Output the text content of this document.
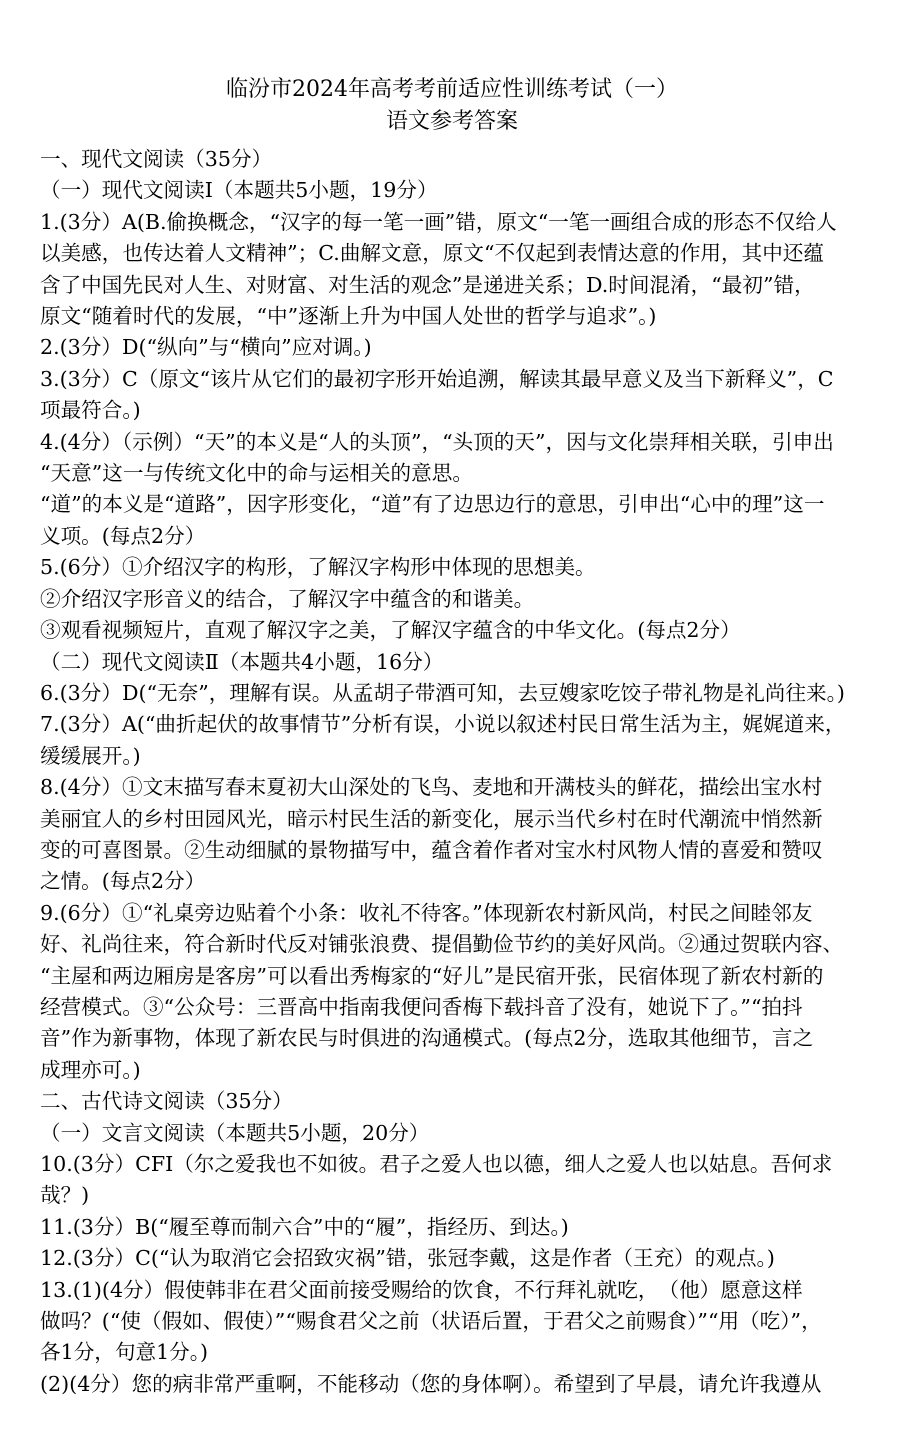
临汾市2024年高考考前适应性训练考试（一）
语文参考答案
一、现代文阅读（35分）
（一）现代文阅读Ⅰ（本题共5小题，19分）
1.(3分）A(B.偷换概念，“汉字的每一笔一画”错，原文“一笔一画组合成的形态不仅给人
以美感，也传达着人文精神”；C.曲解文意，原文“不仅起到表情达意的作用，其中还蕴
含了中国先民对人生、对财富、对生活的观念”是递进关系；D.时间混淆，“最初”错，
原文“随着时代的发展，“中”逐渐上升为中国人处世的哲学与追求”。)
2.(3分）D(“纵向”与“横向”应对调。)
3.(3分）C（原文“该片从它们的最初字形开始追溯，解读其最早意义及当下新释义”，C
项最符合。)
4.(4分）（示例）“天”的本义是“人的头顶”，“头顶的天”，因与文化崇拜相关联，引申出
“天意”这一与传统文化中的命与运相关的意思。
“道”的本义是“道路”，因字形变化，“道”有了边思边行的意思，引申出“心中的理”这一
义项。(每点2分）
5.(6分）①介绍汉字的构形，了解汉字构形中体现的思想美。
②介绍汉字形音义的结合，了解汉字中蕴含的和谐美。
③观看视频短片，直观了解汉字之美，了解汉字蕴含的中华文化。(每点2分）
（二）现代文阅读Ⅱ（本题共4小题，16分）
6.(3分）D(“无奈”，理解有误。从孟胡子带酒可知，去豆嫂家吃饺子带礼物是礼尚往来。)
7.(3分）A(“曲折起伏的故事情节”分析有误，小说以叙述村民日常生活为主，娓娓道来，
缓缓展开。)
8.(4分）①文末描写春末夏初大山深处的飞鸟、麦地和开满枝头的鲜花，描绘出宝水村
美丽宜人的乡村田园风光，暗示村民生活的新变化，展示当代乡村在时代潮流中悄然新
变的可喜图景。②生动细腻的景物描写中，蕴含着作者对宝水村风物人情的喜爱和赞叹
之情。(每点2分）
9.(6分）①“礼桌旁边贴着个小条：收礼不待客。”体现新农村新风尚，村民之间睦邻友
好、礼尚往来，符合新时代反对铺张浪费、提倡勤俭节约的美好风尚。②通过贺联内容、
“主屋和两边厢房是客房”可以看出秀梅家的“好儿”是民宿开张，民宿体现了新农村新的
经营模式。③“公众号：三晋高中指南我便问香梅下载抖音了没有，她说下了。”“拍抖
音”作为新事物，体现了新农民与时俱进的沟通模式。(每点2分，选取其他细节，言之
成理亦可。)
二、古代诗文阅读（35分）
（一）文言文阅读（本题共5小题，20分）
10.(3分）CFI（尔之爱我也不如彼。君子之爱人也以德，细人之爱人也以姑息。吾何求
哉？)
11.(3分）B(“履至尊而制六合”中的“履”，指经历、到达。)
12.(3分）C(“认为取消它会招致灾祸”错，张冠李戴，这是作者（王充）的观点。)
13.(1)(4分）假使韩非在君父面前接受赐给的饮食，不行拜礼就吃，　（他）愿意这样
做吗？(“使（假如、假使）”“赐食君父之前（状语后置，于君父之前赐食）”“用（吃）”，
各1分，句意1分。)
(2)(4分）您的病非常严重啊，不能移动（您的身体啊）。希望到了早晨，请允许我遵从
